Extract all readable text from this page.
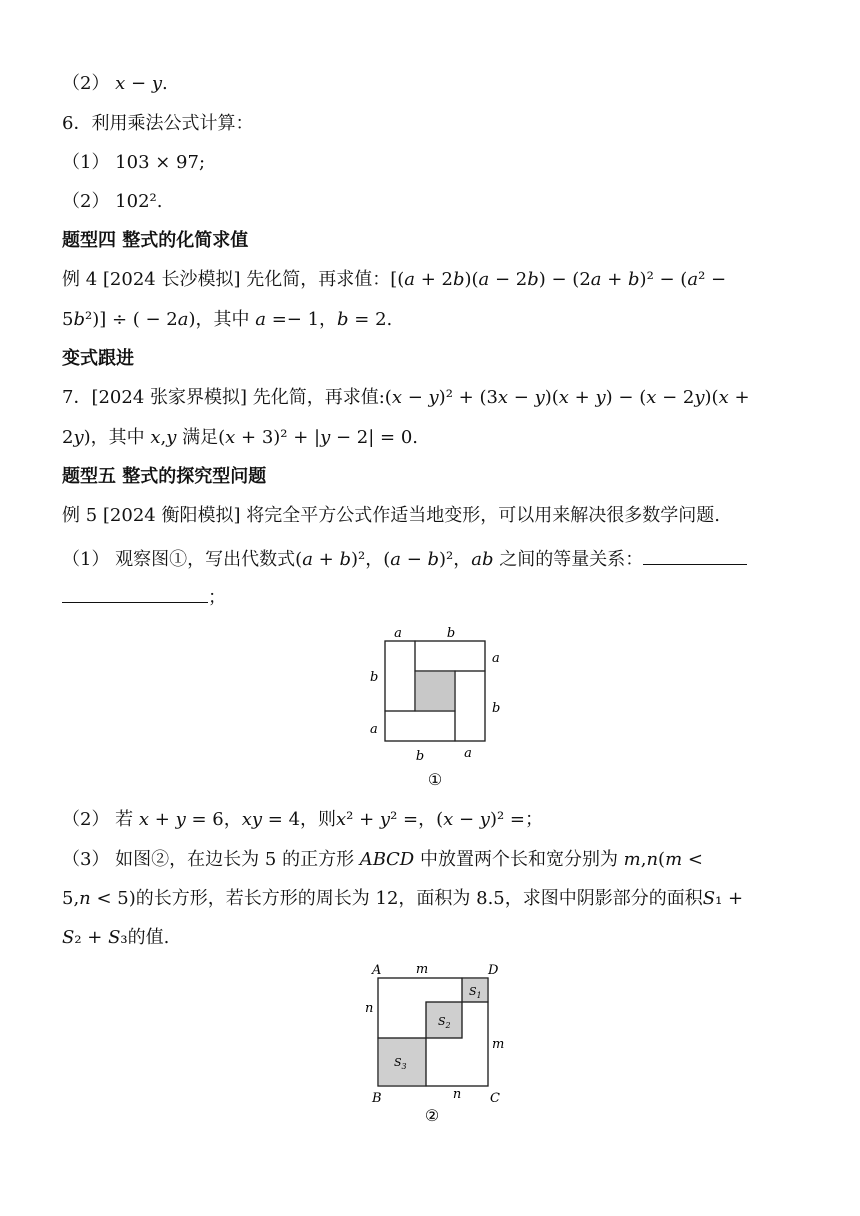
（2） 𝑥 − 𝑦.
6．利用乘法公式计算：
（1） 103 × 97;
（2） 102².
题型四 整式的化简求值
例 4 [2024 长沙模拟] 先化简，再求值：[(𝑎 + 2𝑏)(𝑎 − 2𝑏) − (2𝑎 + 𝑏)² − (𝑎² −
5𝑏²)] ÷ ( − 2𝑎)，其中 𝑎 =− 1，𝑏 = 2.
变式跟进
7．[2024 张家界模拟] 先化简，再求值:(𝑥 − 𝑦)² + (3𝑥 − 𝑦)(𝑥 + 𝑦) − (𝑥 − 2𝑦)(𝑥 +
2𝑦)，其中 𝑥,𝑦 满足(𝑥 + 3)² + |𝑦 − 2| = 0.
题型五 整式的探究型问题
例 5 [2024 衡阳模拟] 将完全平方公式作适当地变形，可以用来解决很多数学问题.
（1） 观察图①，写出代数式(𝑎 + 𝑏)²，(𝑎 − 𝑏)²，𝑎𝑏 之间的等量关系：
；
a	b
a
b
b
a
b	a
①
（2） 若 𝑥 + 𝑦 = 6，𝑥𝑦 = 4，则𝑥² + 𝑦² =，(𝑥 − 𝑦)² =；
（3） 如图②，在边长为 5 的正方形 𝐴𝐵𝐶𝐷 中放置两个长和宽分别为 𝑚,𝑛(𝑚 <
5,𝑛 < 5)的长方形，若长方形的周长为 12，面积为 8.5，求图中阴影部分的面积𝑆₁ +
𝑆₂ + 𝑆₃的值.
A	D
B	C
m
n
m
n
$S_1$
$S_2$
$S_3$
②
